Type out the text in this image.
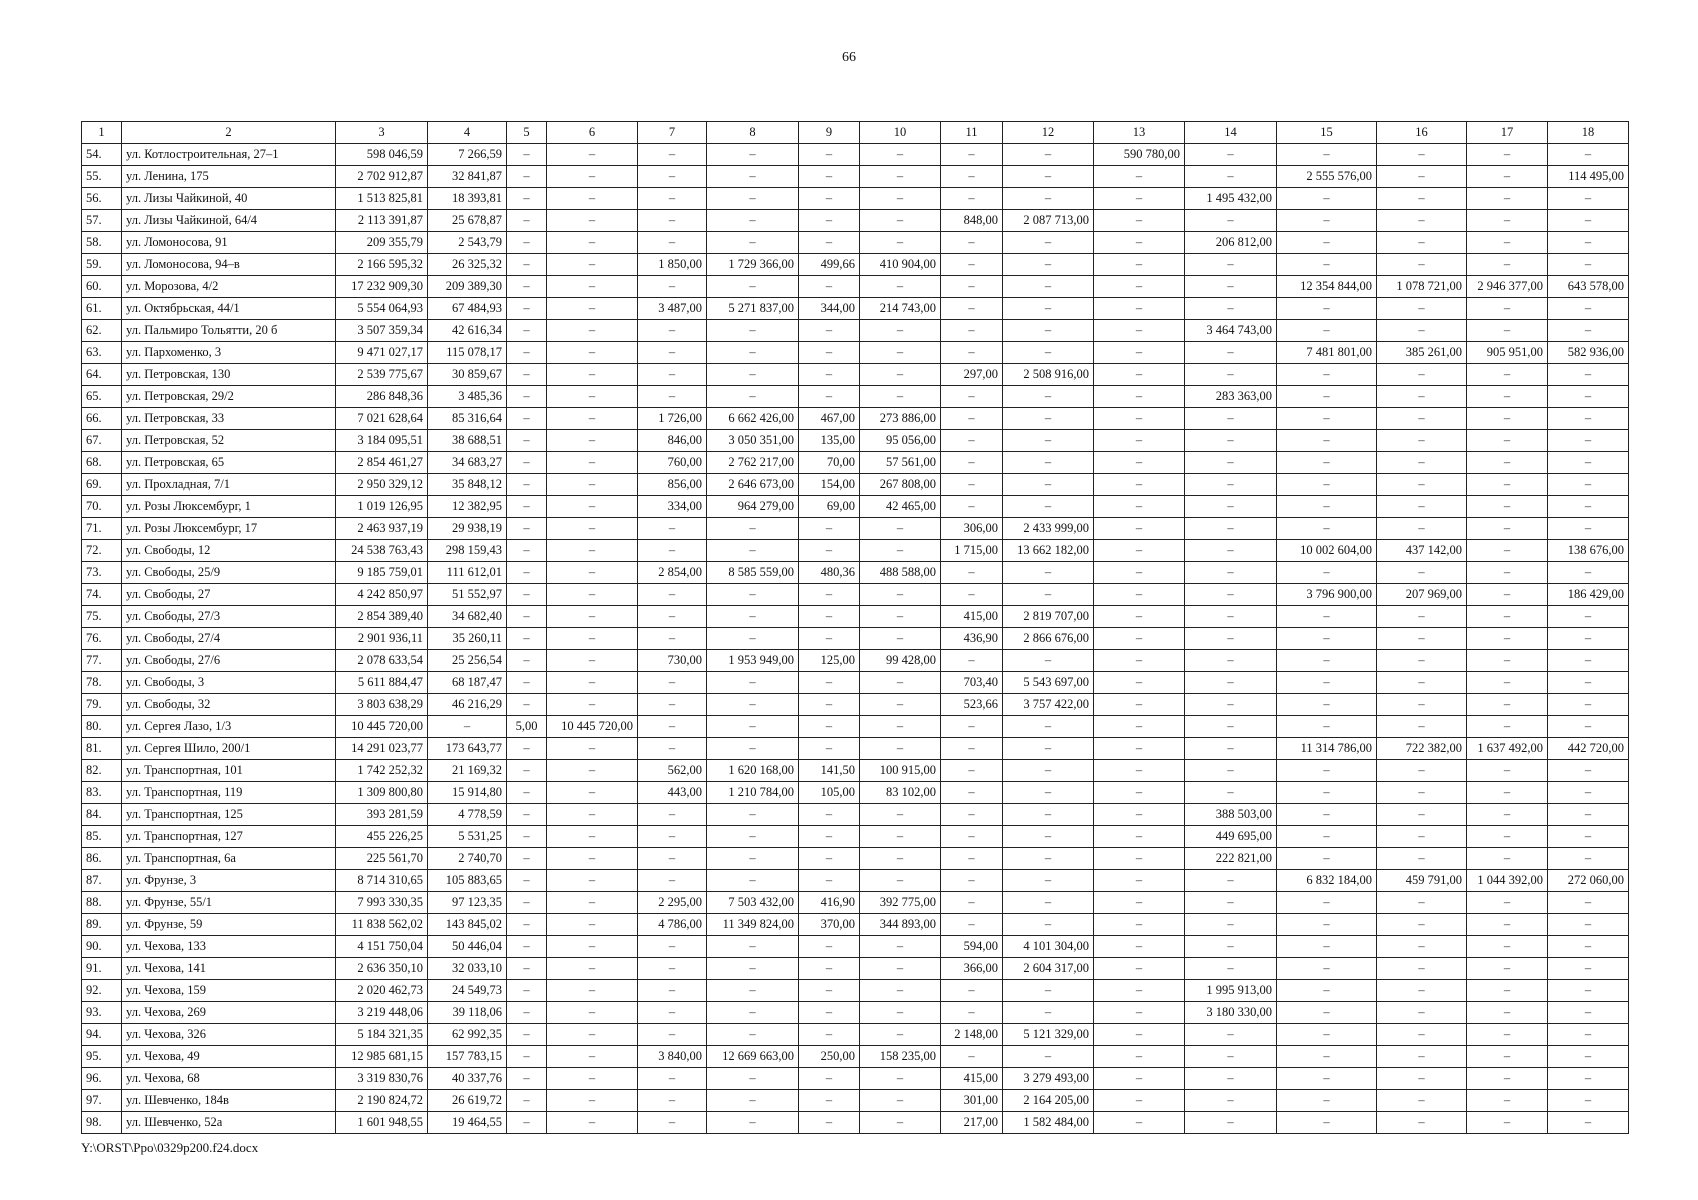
66
1	2	3	4	5	6	7	8	9	10	11	12	13	14	15	16	17	18
54.	ул. Котлостроительная, 27–1	598 046,59	7 266,59	–	–	–	–	–	–	–	–	590 780,00	–	–	–	–	–
55.	ул. Ленина, 175	2 702 912,87	32 841,87	–	–	–	–	–	–	–	–	–	–	2 555 576,00	–	–	114 495,00
56.	ул. Лизы Чайкиной, 40	1 513 825,81	18 393,81	–	–	–	–	–	–	–	–	–	1 495 432,00	–	–	–	–
57.	ул. Лизы Чайкиной, 64/4	2 113 391,87	25 678,87	–	–	–	–	–	–	848,00	2 087 713,00	–	–	–	–	–	–
58.	ул. Ломоносова, 91	209 355,79	2 543,79	–	–	–	–	–	–	–	–	–	206 812,00	–	–	–	–
59.	ул. Ломоносова, 94–в	2 166 595,32	26 325,32	–	–	1 850,00	1 729 366,00	499,66	410 904,00	–	–	–	–	–	–	–	–
60.	ул. Морозова, 4/2	17 232 909,30	209 389,30	–	–	–	–	–	–	–	–	–	–	12 354 844,00	1 078 721,00	2 946 377,00	643 578,00
61.	ул. Октябрьская, 44/1	5 554 064,93	67 484,93	–	–	3 487,00	5 271 837,00	344,00	214 743,00	–	–	–	–	–	–	–	–
62.	ул. Пальмиро Тольятти, 20 б	3 507 359,34	42 616,34	–	–	–	–	–	–	–	–	–	3 464 743,00	–	–	–	–
63.	ул. Пархоменко, 3	9 471 027,17	115 078,17	–	–	–	–	–	–	–	–	–	–	7 481 801,00	385 261,00	905 951,00	582 936,00
64.	ул. Петровская, 130	2 539 775,67	30 859,67	–	–	–	–	–	–	297,00	2 508 916,00	–	–	–	–	–	–
65.	ул. Петровская, 29/2	286 848,36	3 485,36	–	–	–	–	–	–	–	–	–	283 363,00	–	–	–	–
66.	ул. Петровская, 33	7 021 628,64	85 316,64	–	–	1 726,00	6 662 426,00	467,00	273 886,00	–	–	–	–	–	–	–	–
67.	ул. Петровская, 52	3 184 095,51	38 688,51	–	–	846,00	3 050 351,00	135,00	95 056,00	–	–	–	–	–	–	–	–
68.	ул. Петровская, 65	2 854 461,27	34 683,27	–	–	760,00	2 762 217,00	70,00	57 561,00	–	–	–	–	–	–	–	–
69.	ул. Прохладная, 7/1	2 950 329,12	35 848,12	–	–	856,00	2 646 673,00	154,00	267 808,00	–	–	–	–	–	–	–	–
70.	ул. Розы Люксембург, 1	1 019 126,95	12 382,95	–	–	334,00	964 279,00	69,00	42 465,00	–	–	–	–	–	–	–	–
71.	ул. Розы Люксембург, 17	2 463 937,19	29 938,19	–	–	–	–	–	–	306,00	2 433 999,00	–	–	–	–	–	–
72.	ул. Свободы, 12	24 538 763,43	298 159,43	–	–	–	–	–	–	1 715,00	13 662 182,00	–	–	10 002 604,00	437 142,00	–	138 676,00
73.	ул. Свободы, 25/9	9 185 759,01	111 612,01	–	–	2 854,00	8 585 559,00	480,36	488 588,00	–	–	–	–	–	–	–	–
74.	ул. Свободы, 27	4 242 850,97	51 552,97	–	–	–	–	–	–	–	–	–	–	3 796 900,00	207 969,00	–	186 429,00
75.	ул. Свободы, 27/3	2 854 389,40	34 682,40	–	–	–	–	–	–	415,00	2 819 707,00	–	–	–	–	–	–
76.	ул. Свободы, 27/4	2 901 936,11	35 260,11	–	–	–	–	–	–	436,90	2 866 676,00	–	–	–	–	–	–
77.	ул. Свободы, 27/6	2 078 633,54	25 256,54	–	–	730,00	1 953 949,00	125,00	99 428,00	–	–	–	–	–	–	–	–
78.	ул. Свободы, 3	5 611 884,47	68 187,47	–	–	–	–	–	–	703,40	5 543 697,00	–	–	–	–	–	–
79.	ул. Свободы, 32	3 803 638,29	46 216,29	–	–	–	–	–	–	523,66	3 757 422,00	–	–	–	–	–	–
80.	ул. Сергея Лазо, 1/3	10 445 720,00	–	5,00	10 445 720,00	–	–	–	–	–	–	–	–	–	–	–	–
81.	ул. Сергея Шило, 200/1	14 291 023,77	173 643,77	–	–	–	–	–	–	–	–	–	–	11 314 786,00	722 382,00	1 637 492,00	442 720,00
82.	ул. Транспортная, 101	1 742 252,32	21 169,32	–	–	562,00	1 620 168,00	141,50	100 915,00	–	–	–	–	–	–	–	–
83.	ул. Транспортная, 119	1 309 800,80	15 914,80	–	–	443,00	1 210 784,00	105,00	83 102,00	–	–	–	–	–	–	–	–
84.	ул. Транспортная, 125	393 281,59	4 778,59	–	–	–	–	–	–	–	–	–	388 503,00	–	–	–	–
85.	ул. Транспортная, 127	455 226,25	5 531,25	–	–	–	–	–	–	–	–	–	449 695,00	–	–	–	–
86.	ул. Транспортная, 6а	225 561,70	2 740,70	–	–	–	–	–	–	–	–	–	222 821,00	–	–	–	–
87.	ул. Фрунзе, 3	8 714 310,65	105 883,65	–	–	–	–	–	–	–	–	–	–	6 832 184,00	459 791,00	1 044 392,00	272 060,00
88.	ул. Фрунзе, 55/1	7 993 330,35	97 123,35	–	–	2 295,00	7 503 432,00	416,90	392 775,00	–	–	–	–	–	–	–	–
89.	ул. Фрунзе, 59	11 838 562,02	143 845,02	–	–	4 786,00	11 349 824,00	370,00	344 893,00	–	–	–	–	–	–	–	–
90.	ул. Чехова, 133	4 151 750,04	50 446,04	–	–	–	–	–	–	594,00	4 101 304,00	–	–	–	–	–	–
91.	ул. Чехова, 141	2 636 350,10	32 033,10	–	–	–	–	–	–	366,00	2 604 317,00	–	–	–	–	–	–
92.	ул. Чехова, 159	2 020 462,73	24 549,73	–	–	–	–	–	–	–	–	–	1 995 913,00	–	–	–	–
93.	ул. Чехова, 269	3 219 448,06	39 118,06	–	–	–	–	–	–	–	–	–	3 180 330,00	–	–	–	–
94.	ул. Чехова, 326	5 184 321,35	62 992,35	–	–	–	–	–	–	2 148,00	5 121 329,00	–	–	–	–	–	–
95.	ул. Чехова, 49	12 985 681,15	157 783,15	–	–	3 840,00	12 669 663,00	250,00	158 235,00	–	–	–	–	–	–	–	–
96.	ул. Чехова, 68	3 319 830,76	40 337,76	–	–	–	–	–	–	415,00	3 279 493,00	–	–	–	–	–	–
97.	ул. Шевченко, 184в	2 190 824,72	26 619,72	–	–	–	–	–	–	301,00	2 164 205,00	–	–	–	–	–	–
98.	ул. Шевченко, 52а	1 601 948,55	19 464,55	–	–	–	–	–	–	217,00	1 582 484,00	–	–	–	–	–	–
Y:\ORST\Ppo\0329p200.f24.docx
